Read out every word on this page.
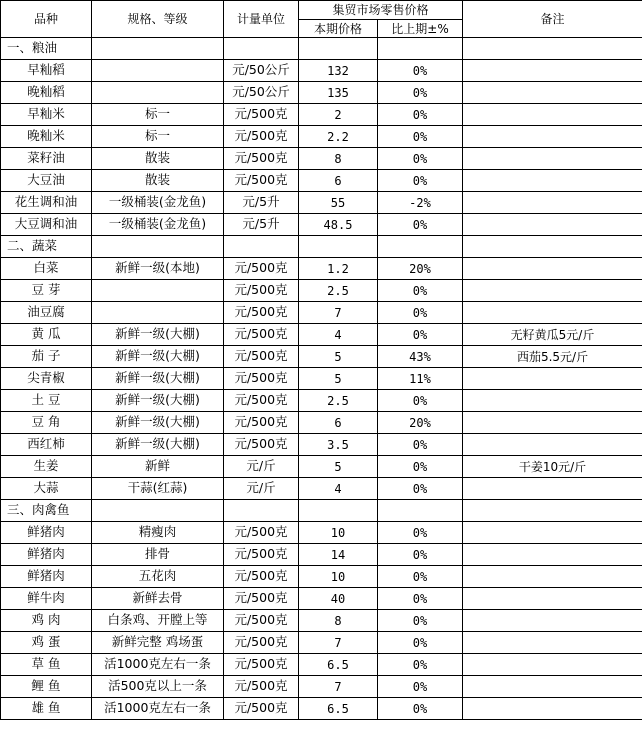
品种	规格、等级	计量单位	集贸市场零售价格		备注
			本期价格	比上期±%	
一、粮油					
早籼稻		元/50公斤	132	0%	
晚籼稻		元/50公斤	135	0%	
早籼米	标一	元/500克	2	0%	
晚籼米	标一	元/500克	2.2	0%	
菜籽油	散装	元/500克	8	0%	
大豆油	散装	元/500克	6	0%	
花生调和油	一级桶装(金龙鱼)	元/5升	55	-2%	
大豆调和油	一级桶装(金龙鱼)	元/5升	48.5	0%	
二、蔬菜					
白菜	新鲜一级(本地)	元/500克	1.2	20%	
豆 芽		元/500克	2.5	0%	
油豆腐		元/500克	7	0%	
黄 瓜	新鲜一级(大棚)	元/500克	4	0%	无籽黄瓜5元/斤
茄 子	新鲜一级(大棚)	元/500克	5	43%	西茄5.5元/斤
尖青椒	新鲜一级(大棚)	元/500克	5	11%	
土 豆	新鲜一级(大棚)	元/500克	2.5	0%	
豆 角	新鲜一级(大棚)	元/500克	6	20%	
西红柿	新鲜一级(大棚)	元/500克	3.5	0%	
生姜	新鲜	元/斤	5	0%	干姜10元/斤
大蒜	干蒜(红蒜)	元/斤	4	0%	
三、肉禽鱼					
鲜猪肉	精瘦肉	元/500克	10	0%	
鲜猪肉	排骨	元/500克	14	0%	
鲜猪肉	五花肉	元/500克	10	0%	
鲜牛肉	新鲜去骨	元/500克	40	0%	
鸡 肉	白条鸡、开膛上等	元/500克	8	0%	
鸡 蛋	新鲜完整 鸡场蛋	元/500克	7	0%	
草 鱼	活1000克左右一条	元/500克	6.5	0%	
鲤 鱼	活500克以上一条	元/500克	7	0%	
雄 鱼	活1000克左右一条	元/500克	6.5	0%	
